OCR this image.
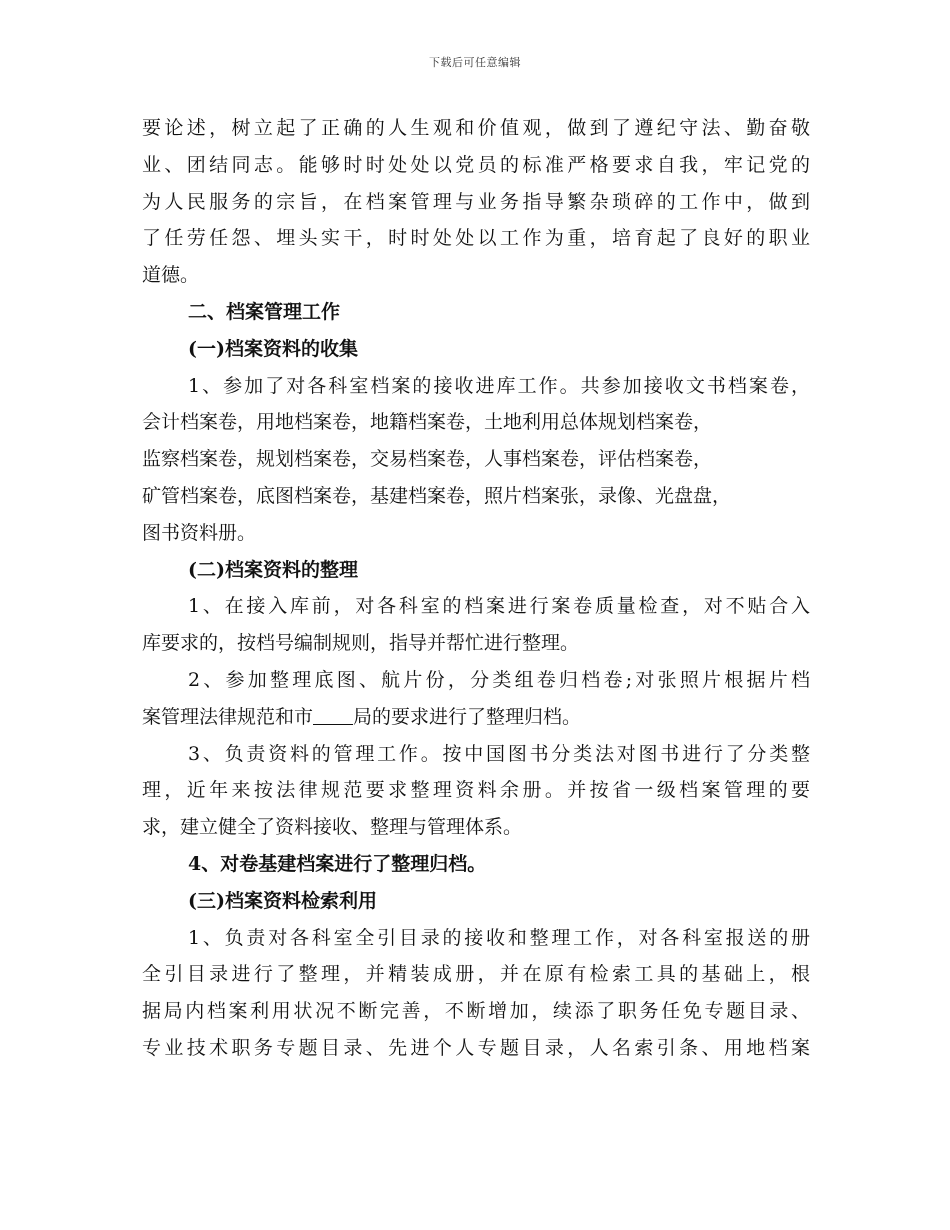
下载后可任意编辑
要论述，树立起了正确的人生观和价值观，做到了遵纪守法、勤奋敬
业、团结同志。能够时时处处以党员的标准严格要求自我，牢记党的
为人民服务的宗旨，在档案管理与业务指导繁杂琐碎的工作中，做到
了任劳任怨、埋头实干，时时处处以工作为重，培育起了良好的职业
道德。
二、档案管理工作
(一)档案资料的收集
1、参加了对各科室档案的接收进库工作。共参加接收文书档案卷，
会计档案卷，用地档案卷，地籍档案卷，土地利用总体规划档案卷，
监察档案卷，规划档案卷，交易档案卷，人事档案卷，评估档案卷，
矿管档案卷，底图档案卷，基建档案卷，照片档案张，录像、光盘盘，
图书资料册。
(二)档案资料的整理
1、在接入库前，对各科室的档案进行案卷质量检查，对不贴合入
库要求的，按档号编制规则，指导并帮忙进行整理。
2、参加整理底图、航片份，分类组卷归档卷;对张照片根据片档
案管理法律规范和市 局的要求进行了整理归档。
3、负责资料的管理工作。按中国图书分类法对图书进行了分类整
理，近年来按法律规范要求整理资料余册。并按省一级档案管理的要
求，建立健全了资料接收、整理与管理体系。
4、对卷基建档案进行了整理归档。
(三)档案资料检索利用
1、负责对各科室全引目录的接收和整理工作，对各科室报送的册
全引目录进行了整理，并精装成册，并在原有检索工具的基础上，根
据局内档案利用状况不断完善，不断增加，续添了职务任免专题目录、
专业技术职务专题目录、先进个人专题目录，人名索引条、用地档案
